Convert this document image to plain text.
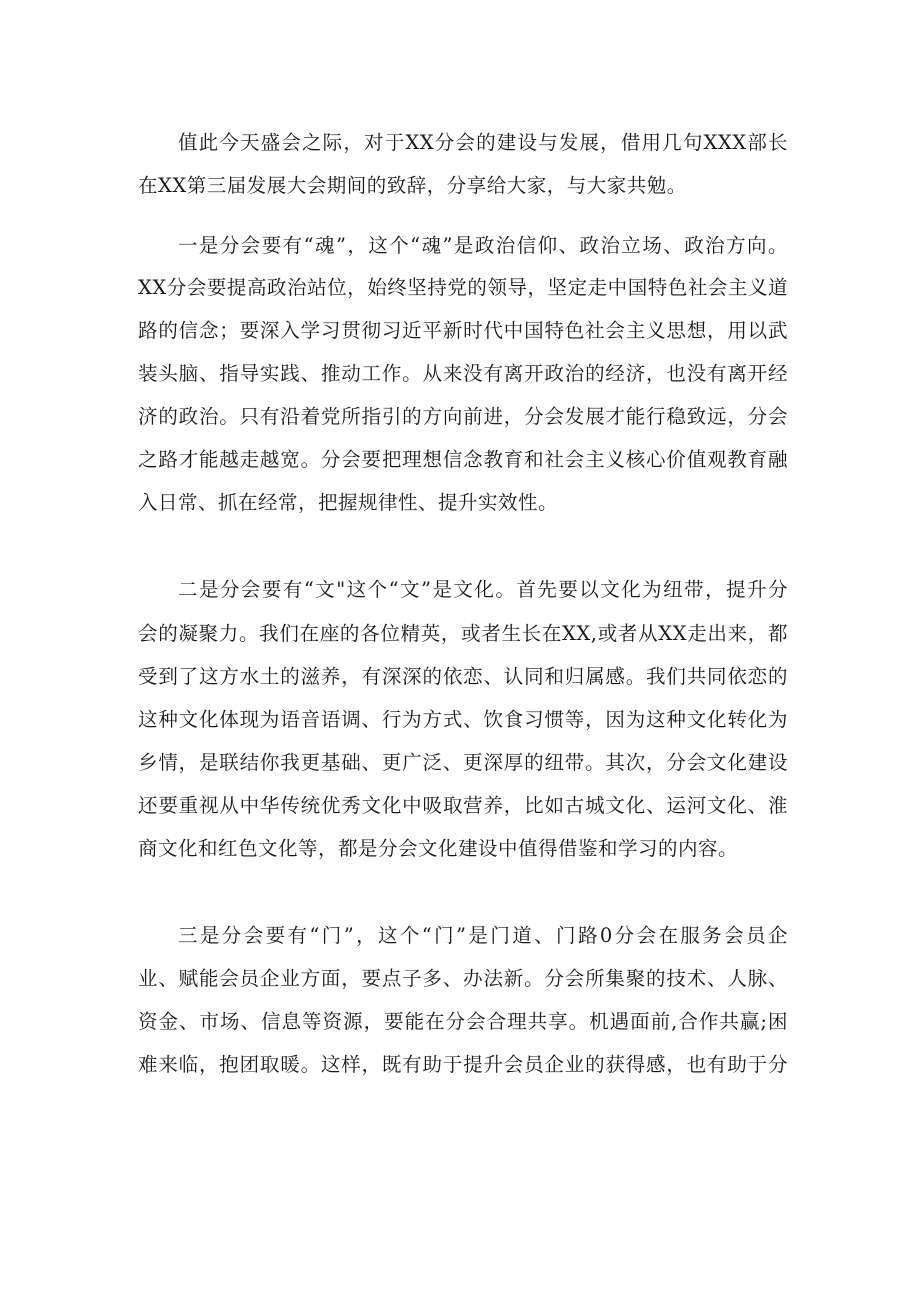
值此今天盛会之际，对于XX分会的建设与发展，借用几句XXX部长
在XX第三届发展大会期间的致辞，分享给大家，与大家共勉。
一是分会要有“魂”，这个“魂”是政治信仰、政治立场、政治方向。
XX分会要提高政治站位，始终坚持党的领导，坚定走中国特色社会主义道
路的信念；要深入学习贯彻习近平新时代中国特色社会主义思想，用以武
装头脑、指导实践、推动工作。从来没有离开政治的经济，也没有离开经
济的政治。只有沿着党所指引的方向前进，分会发展才能行稳致远，分会
之路才能越走越宽。分会要把理想信念教育和社会主义核心价值观教育融
入日常、抓在经常，把握规律性、提升实效性。
二是分会要有“文"这个“文”是文化。首先要以文化为纽带，提升分
会的凝聚力。我们在座的各位精英，或者生长在XX,或者从XX走出来，都
受到了这方水土的滋养，有深深的依恋、认同和归属感。我们共同依恋的
这种文化体现为语音语调、行为方式、饮食习惯等，因为这种文化转化为
乡情，是联结你我更基础、更广泛、更深厚的纽带。其次，分会文化建设
还要重视从中华传统优秀文化中吸取营养，比如古城文化、运河文化、淮
商文化和红色文化等，都是分会文化建设中值得借鉴和学习的内容。
三是分会要有“门”，这个“门”是门道、门路0分会在服务会员企
业、赋能会员企业方面，要点子多、办法新。分会所集聚的技术、人脉、
资金、市场、信息等资源，要能在分会合理共享。机遇面前,合作共赢;困
难来临，抱团取暖。这样，既有助于提升会员企业的获得感，也有助于分
